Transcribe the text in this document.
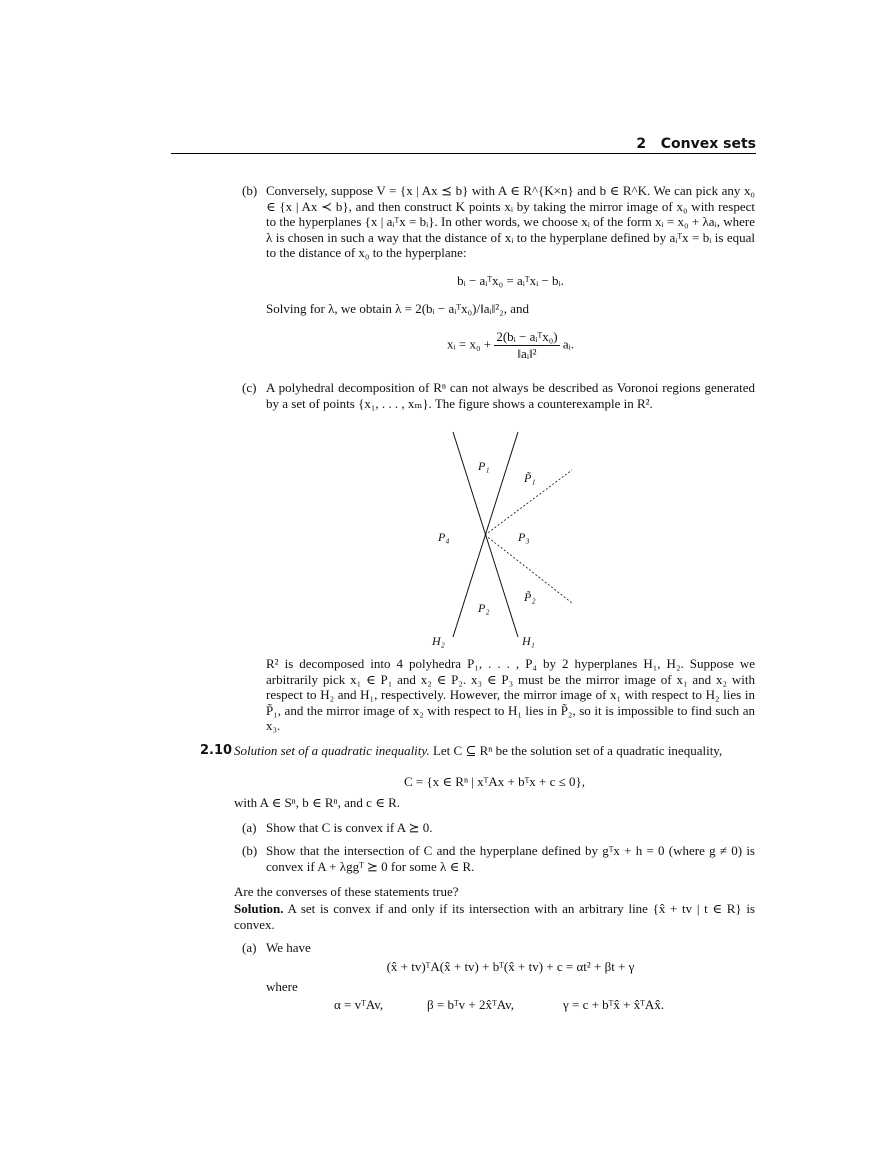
2 Convex sets
(b) Conversely, suppose V = {x | Ax ⪯ b} with A ∈ R^{K×n} and b ∈ R^K. We can pick any x₀ ∈ {x | Ax ≺ b}, and then construct K points xᵢ by taking the mirror image of x₀ with respect to the hyperplanes {x | aᵢᵀx = bᵢ}. In other words, we choose xᵢ of the form xᵢ = x₀ + λaᵢ, where λ is chosen in such a way that the distance of xᵢ to the hyperplane defined by aᵢᵀx = bᵢ is equal to the distance of x₀ to the hyperplane:
bᵢ − aᵢᵀx₀ = aᵢᵀxᵢ − bᵢ.
Solving for λ, we obtain λ = 2(bᵢ − aᵢᵀx₀)/‖aᵢ‖²₂, and
xᵢ = $x_0 + \frac{\text{2(bᵢ − aᵢᵀx₀)}}{\text{‖aᵢ‖²}}$ aᵢ.
(c) A polyhedral decomposition of Rⁿ can not always be described as Voronoi regions generated by a set of points {x₁, . . . , xₘ}. The figure shows a counterexample in R².
P₁
P̃₁
P₄	P₃
P̃₂
P₂
H₂	H₁
R² is decomposed into 4 polyhedra P₁, . . . , P₄ by 2 hyperplanes H₁, H₂. Suppose we arbitrarily pick x₁ ∈ P₁ and x₂ ∈ P₂. x₃ ∈ P₃ must be the mirror image of x₁ and x₂ with respect to H₂ and H₁, respectively. However, the mirror image of x₁ with respect to H₂ lies in P̃₁, and the mirror image of x₂ with respect to H₁ lies in P̃₂, so it is impossible to find such an x₃.
2.10 Solution set of a quadratic inequality. Let C ⊆ Rⁿ be the solution set of a quadratic inequality,
C = {x ∈ Rⁿ | xᵀAx + bᵀx + c ≤ 0},
with A ∈ Sⁿ, b ∈ Rⁿ, and c ∈ R.
(a) Show that C is convex if A ⪰ 0.
(b) Show that the intersection of C and the hyperplane defined by gᵀx + h = 0 (where g ≠ 0) is convex if A + λggᵀ ⪰ 0 for some λ ∈ R.
Are the converses of these statements true?
Solution. A set is convex if and only if its intersection with an arbitrary line {x̂ + tv | t ∈ R} is convex.
(a) We have
(x̂ + tv)ᵀA(x̂ + tv) + bᵀ(x̂ + tv) + c = αt² + βt + γ
where
α = vᵀAv,	β = bᵀv + 2x̂ᵀAv,	γ = c + bᵀx̂ + x̂ᵀAx̂.
